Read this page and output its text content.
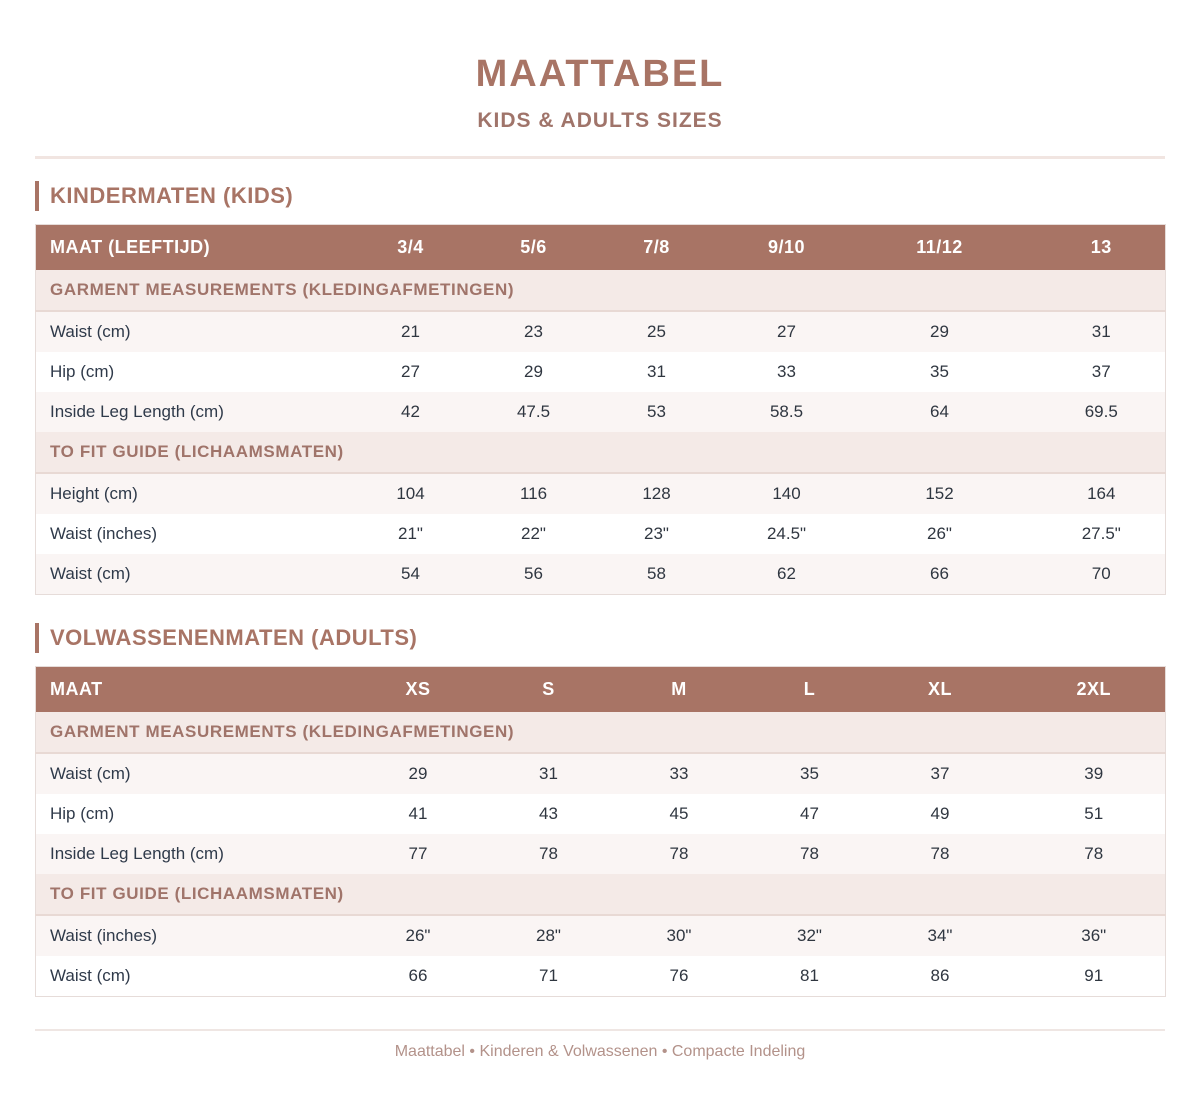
MAATTABEL
KIDS & ADULTS SIZES
KINDERMATEN (KIDS)
MAAT (LEEFTIJD)	3/4	5/6	7/8	9/10	11/12	13
GARMENT MEASUREMENTS (KLEDINGAFMETINGEN)						
Waist (cm)	21	23	25	27	29	31
Hip (cm)	27	29	31	33	35	37
Inside Leg Length (cm)	42	47.5	53	58.5	64	69.5
TO FIT GUIDE (LICHAAMSMATEN)						
Height (cm)	104	116	128	140	152	164
Waist (inches)	21"	22"	23"	24.5"	26"	27.5"
Waist (cm)	54	56	58	62	66	70
VOLWASSENENMATEN (ADULTS)
MAAT	XS	S	M	L	XL	2XL
GARMENT MEASUREMENTS (KLEDINGAFMETINGEN)						
Waist (cm)	29	31	33	35	37	39
Hip (cm)	41	43	45	47	49	51
Inside Leg Length (cm)	77	78	78	78	78	78
TO FIT GUIDE (LICHAAMSMATEN)						
Waist (inches)	26"	28"	30"	32"	34"	36"
Waist (cm)	66	71	76	81	86	91
Maattabel • Kinderen & Volwassenen • Compacte Indeling
